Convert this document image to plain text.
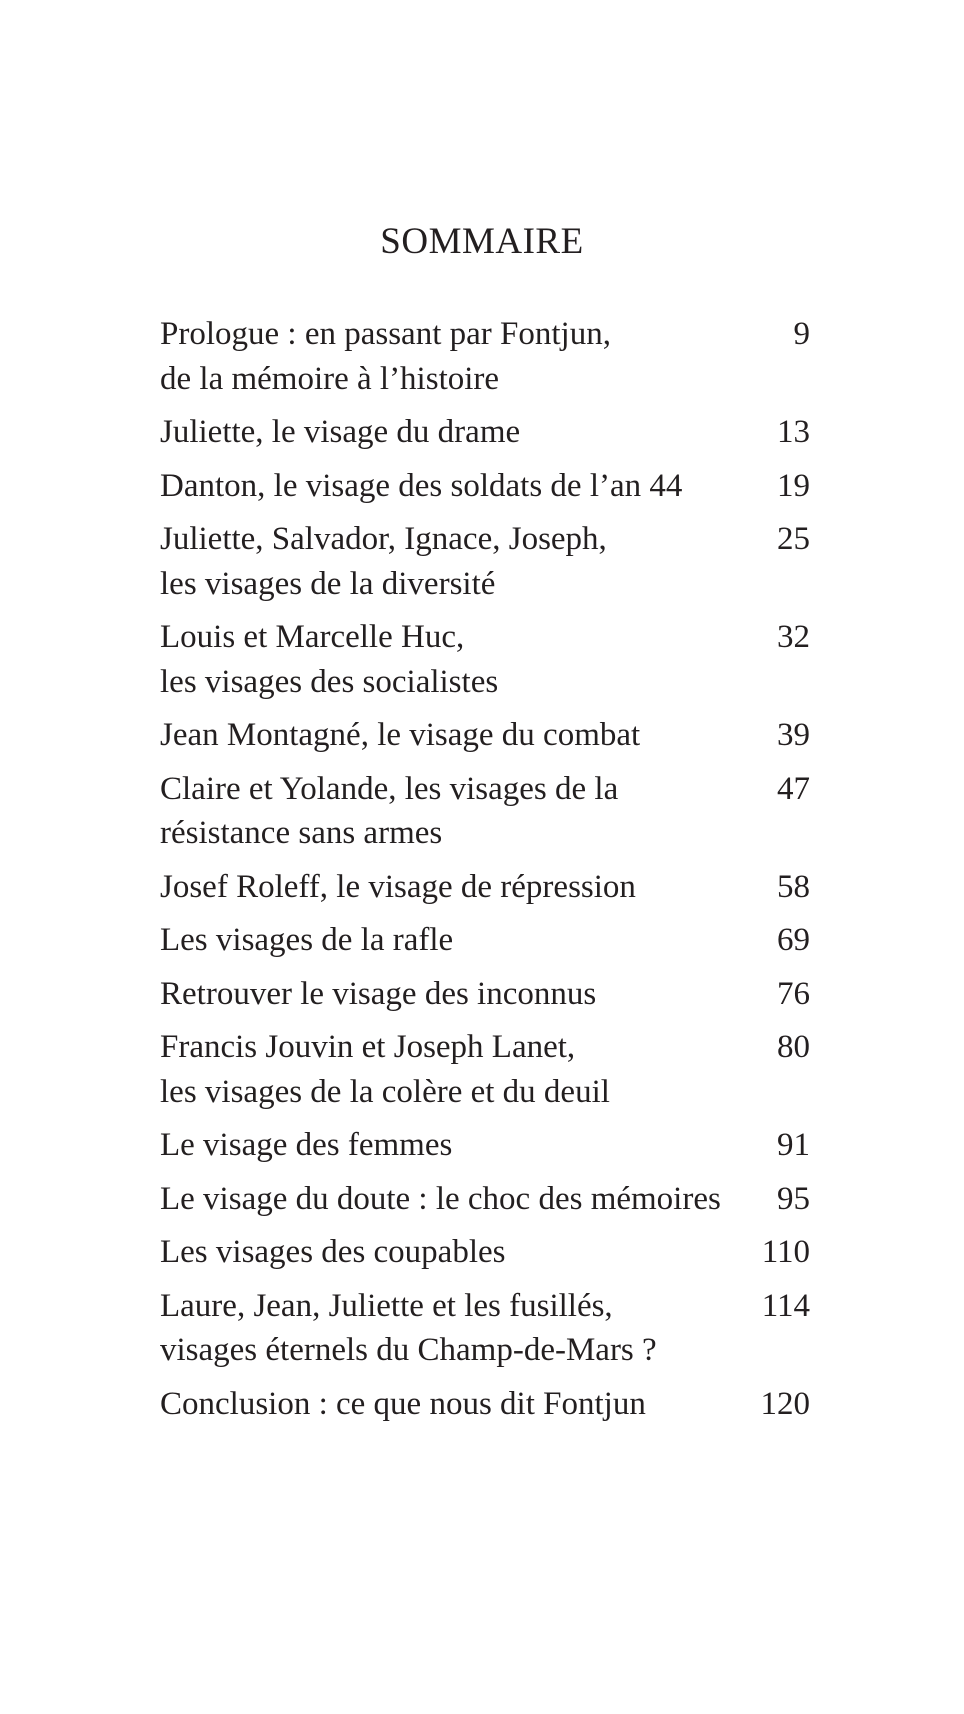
SOMMAIRE
Prologue : en passant par Fontjun,
de la mémoire à l’histoire
9
Juliette, le visage du drame	13
Danton, le visage des soldats de l’an 44	19
Juliette, Salvador, Ignace, Joseph,
les visages de la diversité
25
Louis et Marcelle Huc,
les visages des socialistes
32
Jean Montagné, le visage du combat	39
Claire et Yolande, les visages de la
résistance sans armes
47
Josef Roleff, le visage de répression	58
Les visages de la rafle	69
Retrouver le visage des inconnus	76
Francis Jouvin et Joseph Lanet,
les visages de la colère et du deuil
80
Le visage des femmes	91
Le visage du doute : le choc des mémoires	95
Les visages des coupables	110
Laure, Jean, Juliette et les fusillés,
visages éternels du Champ-de-Mars ?
114
Conclusion : ce que nous dit Fontjun	120
